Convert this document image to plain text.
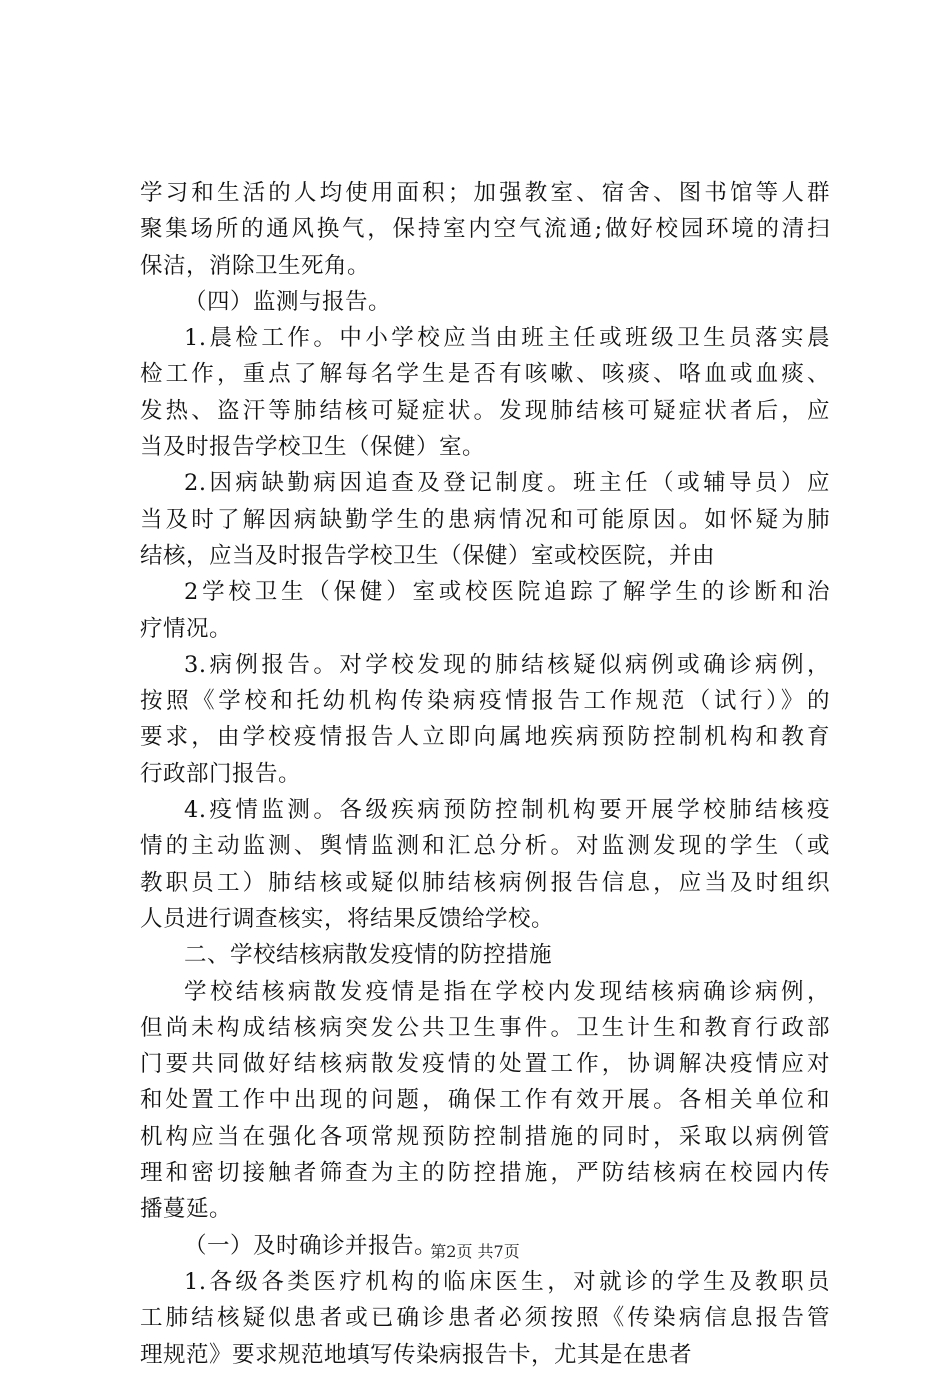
学习和生活的人均使用面积；加强教室、宿舍、图书馆等人群
聚集场所的通风换气，保持室内空气流通;做好校园环境的清扫
保洁，消除卫生死角。
（四）监测与报告。
1.晨检工作。中小学校应当由班主任或班级卫生员落实晨
检工作，重点了解每名学生是否有咳嗽、咳痰、咯血或血痰、
发热、盗汗等肺结核可疑症状。发现肺结核可疑症状者后，应
当及时报告学校卫生（保健）室。
2.因病缺勤病因追查及登记制度。班主任（或辅导员）应
当及时了解因病缺勤学生的患病情况和可能原因。如怀疑为肺
结核，应当及时报告学校卫生（保健）室或校医院，并由
2学校卫生（保健）室或校医院追踪了解学生的诊断和治
疗情况。
3.病例报告。对学校发现的肺结核疑似病例或确诊病例，
按照《学校和托幼机构传染病疫情报告工作规范（试行）》的
要求，由学校疫情报告人立即向属地疾病预防控制机构和教育
行政部门报告。
4.疫情监测。各级疾病预防控制机构要开展学校肺结核疫
情的主动监测、舆情监测和汇总分析。对监测发现的学生（或
教职员工）肺结核或疑似肺结核病例报告信息，应当及时组织
人员进行调查核实，将结果反馈给学校。
二、学校结核病散发疫情的防控措施
学校结核病散发疫情是指在学校内发现结核病确诊病例，
但尚未构成结核病突发公共卫生事件。卫生计生和教育行政部
门要共同做好结核病散发疫情的处置工作，协调解决疫情应对
和处置工作中出现的问题，确保工作有效开展。各相关单位和
机构应当在强化各项常规预防控制措施的同时，采取以病例管
理和密切接触者筛查为主的防控措施，严防结核病在校园内传
播蔓延。
（一）及时确诊并报告。
1.各级各类医疗机构的临床医生，对就诊的学生及教职员
工肺结核疑似患者或已确诊患者必须按照《传染病信息报告管
理规范》要求规范地填写传染病报告卡，尤其是在患者
第2页 共7页
